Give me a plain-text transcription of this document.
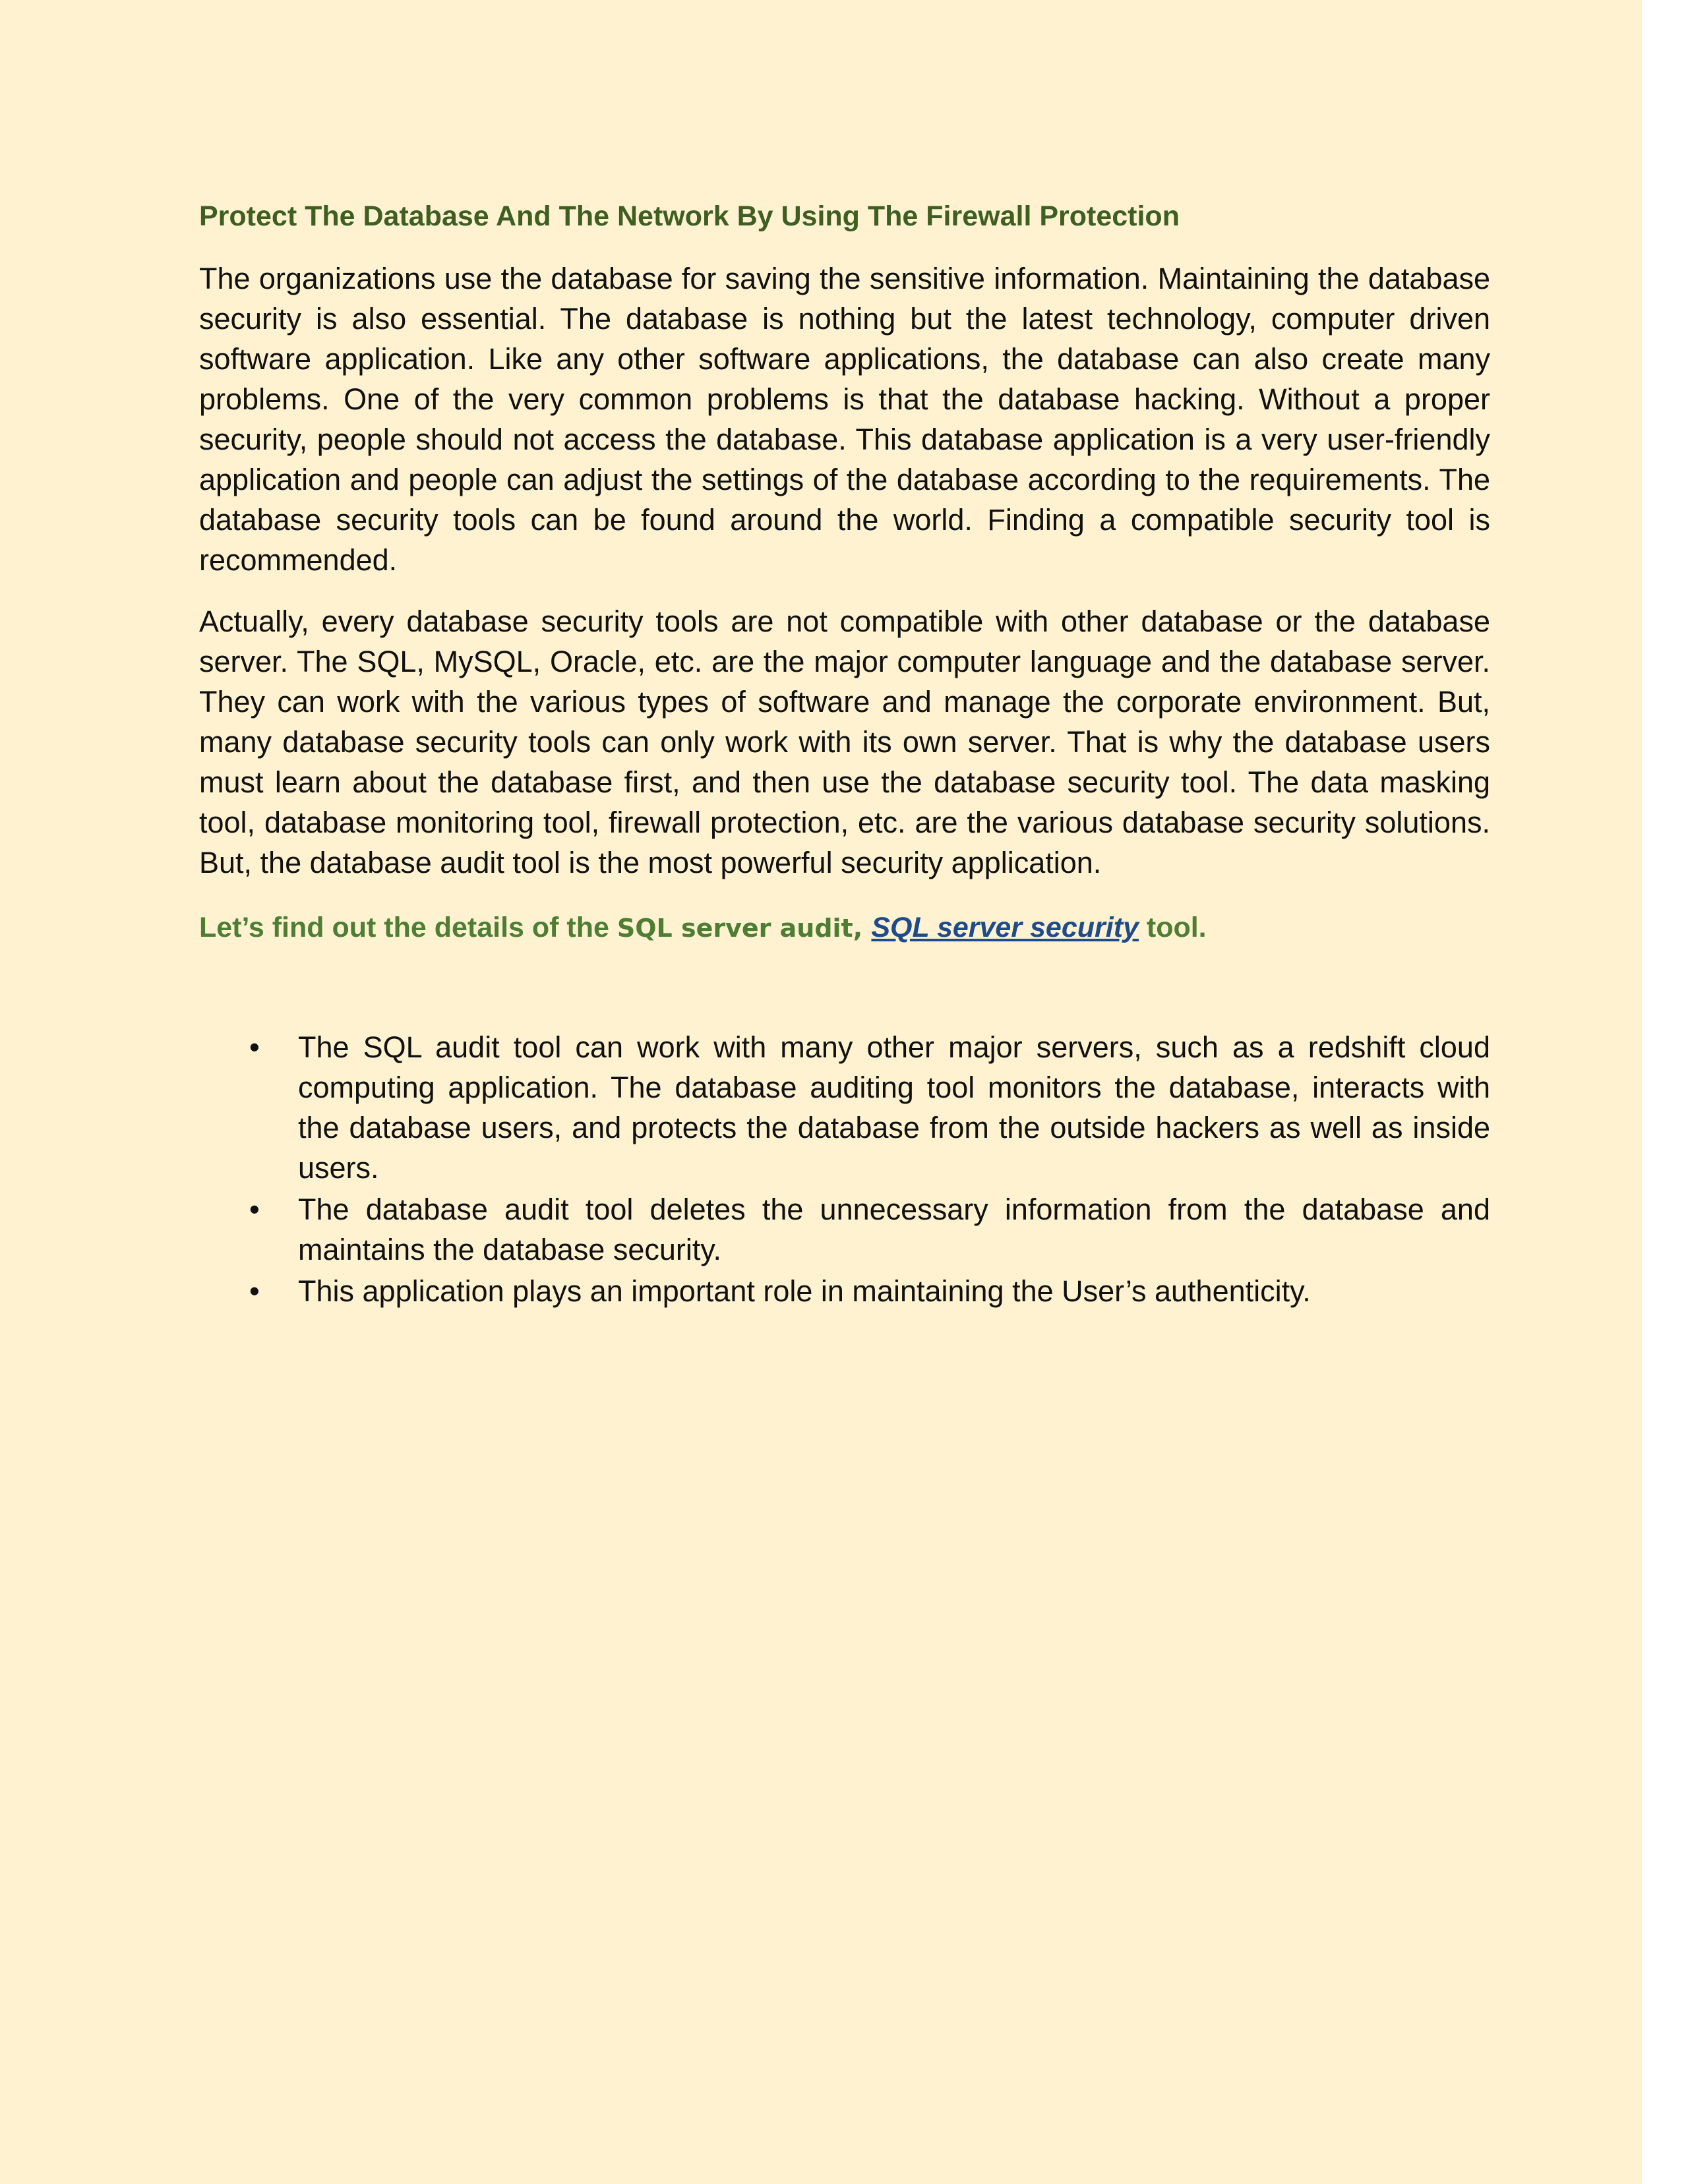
Protect The Database And The Network By Using The Firewall Protection

The organizations use the database for saving the sensitive information. Maintaining the database security is also essential. The database is nothing but the latest technology, computer driven software application. Like any other software applications, the database can also create many problems. One of the very common problems is that the database hacking. Without a proper security, people should not access the database. This database application is a very user-friendly application and people can adjust the settings of the database according to the requirements. The database security tools can be found around the world. Finding a compatible security tool is recommended.

Actually, every database security tools are not compatible with other database or the database server. The SQL, MySQL, Oracle, etc. are the major computer language and the database server. They can work with the various types of software and manage the corporate environment. But, many database security tools can only work with its own server. That is why the database users must learn about the database first, and then use the database security tool. The data masking tool, database monitoring tool, firewall protection, etc. are the various database security solutions. But, the database audit tool is the most powerful security application.

Let’s find out the details of the SQL server audit, SQL server security tool.

• The SQL audit tool can work with many other major servers, such as a redshift cloud computing application. The database auditing tool monitors the database, interacts with the database users, and protects the database from the outside hackers as well as inside users.
• The database audit tool deletes the unnecessary information from the database and maintains the database security.
• This application plays an important role in maintaining the User’s authenticity.
